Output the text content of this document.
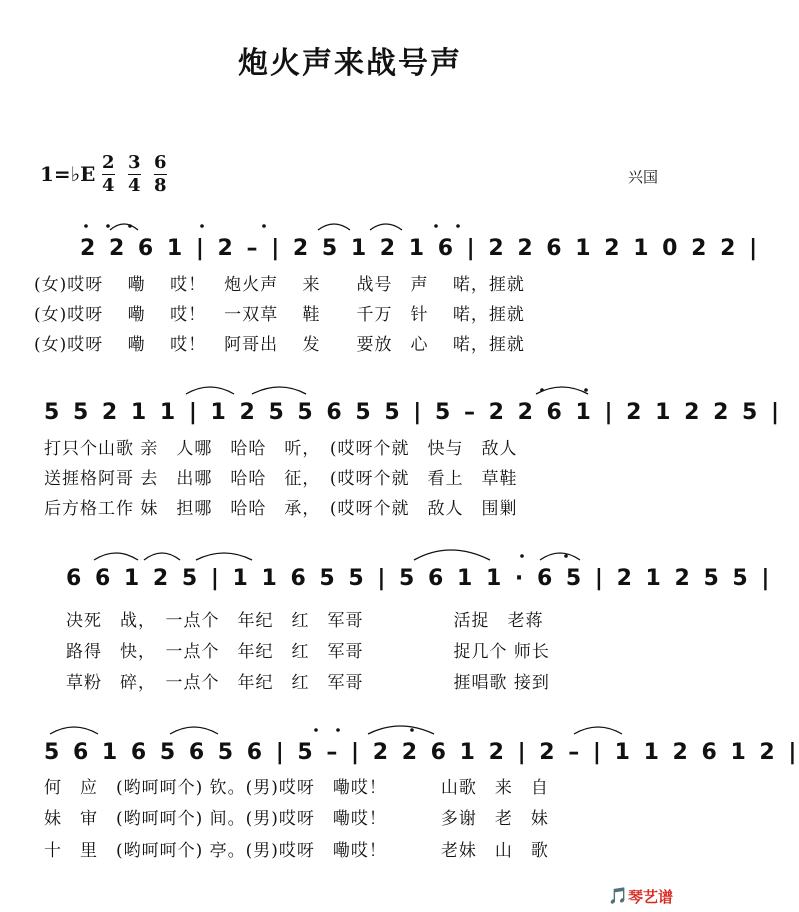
炮火声来战号声
1=♭E $\frac{2}{4} \frac{3}{4} \frac{6}{8}$	兴国
2 2 6 1 | 2 – | 2 5 1 2 1 6 | 2 2 6 1 2 1 0 2 2 |
(女)哎呀　 嘞　 哎！　炮火声　 来　　战号　声　 喏，捱就
(女)哎呀　 嘞　 哎！　一双草　 鞋　　千万　针　 喏，捱就
(女)哎呀　 嘞　 哎！　阿哥出　 发　　要放　心　 喏，捱就
5 5 2 1 1 | 1 2 5 5 6 5 5 | 5 – 2 2 6 1 | 2 1 2 2 5 |
打只个山歌 亲　人哪　哈哈　听，　(哎呀个就　快与　敌人
送捱格阿哥 去　出哪　哈哈　征，　(哎呀个就　看上　草鞋
后方格工作 妹　担哪　哈哈　承，　(哎呀个就　敌人　围剿
6 6 1 2 5 | 1 1 6 5 5 | 5 6 1 1 · 6 5 | 2 1 2 5 5 |
决死　战，　一点个　年纪　红　军哥　　　　　活捉　老蒋
路得　快，　一点个　年纪　红　军哥　　　　　捉几个 师长
草粉　碎，　一点个　年纪　红　军哥　　　　　捱唱歌 接到
5 6 1 6 5 6 5 6 | 5 – | 2 2 6 1 2 | 2 – | 1 1 2 6 1 2 |
何　应　(哟呵呵个) 钦。(男)哎呀　嘞哎！　　　山歌　来　自
妹　审　(哟呵呵个) 间。(男)哎呀　嘞哎！　　　多谢　老　妹
十　里　(哟呵呵个) 亭。(男)哎呀　嘞哎！　　　老妹　山　歌
🎵 琴艺谱
